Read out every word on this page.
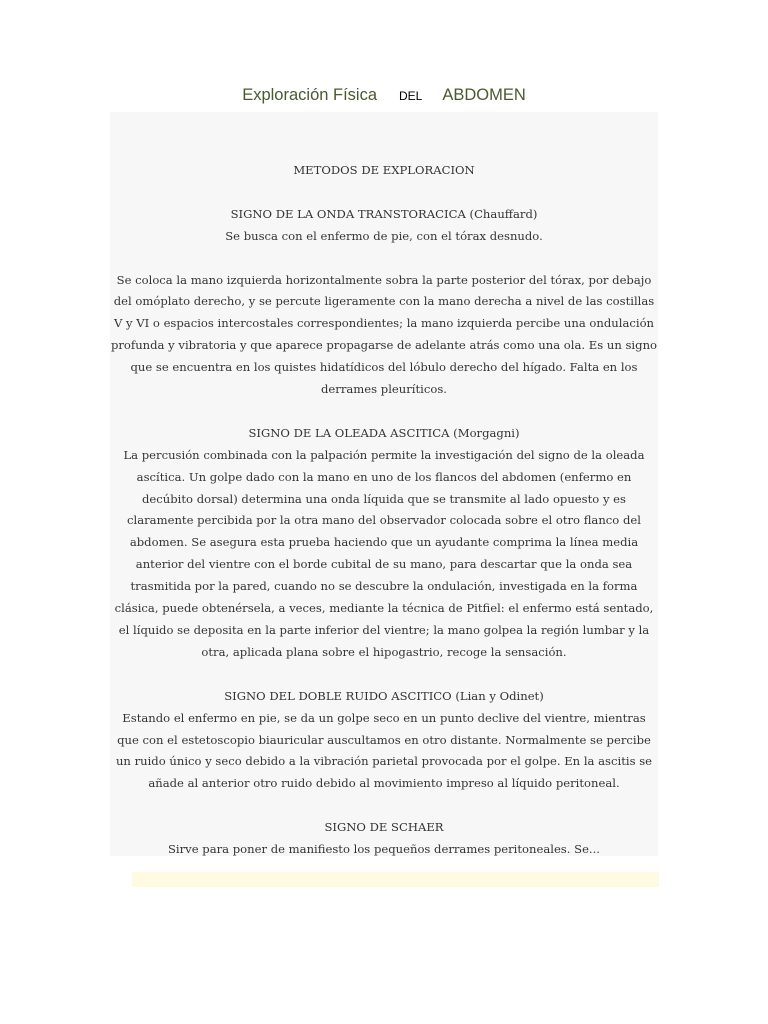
Exploración Física DEL ABDOMEN

METODOS DE EXPLORACION

SIGNO DE LA ONDA TRANSTORACICA (Chauffard)

Se busca con el enfermo de pie, con el tórax desnudo.

Se coloca la mano izquierda horizontalmente sobra la parte posterior del tórax, por debajo del omóplato derecho, y se percute ligeramente con la mano derecha a nivel de las costillas V y VI o espacios intercostales correspondientes; la mano izquierda percibe una ondulación profunda y vibratoria y que aparece propagarse de adelante atrás como una ola. Es un signo que se encuentra en los quistes hidatídicos del lóbulo derecho del hígado. Falta en los derrames pleuríticos.

SIGNO DE LA OLEADA ASCITICA (Morgagni)

La percusión combinada con la palpación permite la investigación del signo de la oleada ascítica. Un golpe dado con la mano en uno de los flancos del abdomen (enfermo en decúbito dorsal) determina una onda líquida que se transmite al lado opuesto y es claramente percibida por la otra mano del observador colocada sobre el otro flanco del abdomen. Se asegura esta prueba haciendo que un ayudante comprima la línea media anterior del vientre con el borde cubital de su mano, para descartar que la onda sea trasmitida por la pared, cuando no se descubre la ondulación, investigada en la forma clásica, puede obtenérsela, a veces, mediante la técnica de Pitfiel: el enfermo está sentado, el líquido se deposita en la parte inferior del vientre; la mano golpea la región lumbar y la otra, aplicada plana sobre el hipogastrio, recoge la sensación.

SIGNO DEL DOBLE RUIDO ASCITICO (Lian y Odinet)

Estando el enfermo en pie, se da un golpe seco en un punto declive del vientre, mientras que con el estetoscopio biauricular auscultamos en otro distante. Normalmente se percibe un ruido único y seco debido a la vibración parietal provocada por el golpe. En la ascitis se añade al anterior otro ruido debido al movimiento impreso al líquido peritoneal.

SIGNO DE SCHAER

Sirve para poner de manifiesto los pequeños derrames peritoneales. Se...
